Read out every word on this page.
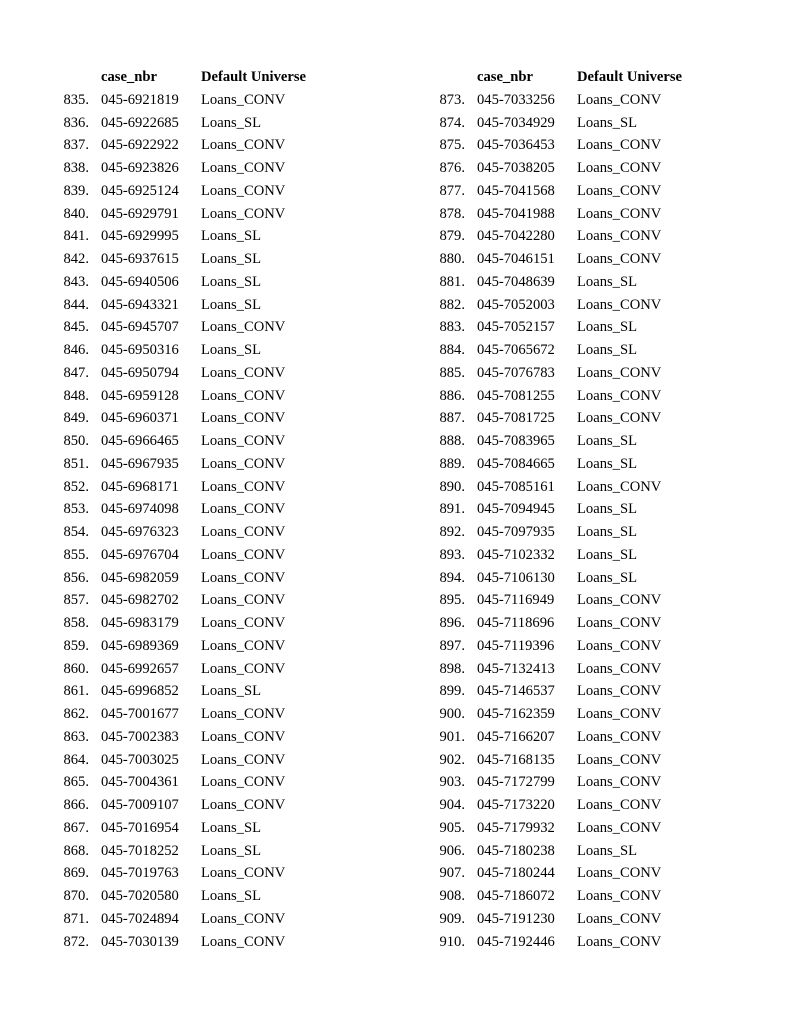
	case_nbr	Default Universe
835.	045-6921819	Loans_CONV
836.	045-6922685	Loans_SL
837.	045-6922922	Loans_CONV
838.	045-6923826	Loans_CONV
839.	045-6925124	Loans_CONV
840.	045-6929791	Loans_CONV
841.	045-6929995	Loans_SL
842.	045-6937615	Loans_SL
843.	045-6940506	Loans_SL
844.	045-6943321	Loans_SL
845.	045-6945707	Loans_CONV
846.	045-6950316	Loans_SL
847.	045-6950794	Loans_CONV
848.	045-6959128	Loans_CONV
849.	045-6960371	Loans_CONV
850.	045-6966465	Loans_CONV
851.	045-6967935	Loans_CONV
852.	045-6968171	Loans_CONV
853.	045-6974098	Loans_CONV
854.	045-6976323	Loans_CONV
855.	045-6976704	Loans_CONV
856.	045-6982059	Loans_CONV
857.	045-6982702	Loans_CONV
858.	045-6983179	Loans_CONV
859.	045-6989369	Loans_CONV
860.	045-6992657	Loans_CONV
861.	045-6996852	Loans_SL
862.	045-7001677	Loans_CONV
863.	045-7002383	Loans_CONV
864.	045-7003025	Loans_CONV
865.	045-7004361	Loans_CONV
866.	045-7009107	Loans_CONV
867.	045-7016954	Loans_SL
868.	045-7018252	Loans_SL
869.	045-7019763	Loans_CONV
870.	045-7020580	Loans_SL
871.	045-7024894	Loans_CONV
872.	045-7030139	Loans_CONV
	case_nbr	Default Universe
873.	045-7033256	Loans_CONV
874.	045-7034929	Loans_SL
875.	045-7036453	Loans_CONV
876.	045-7038205	Loans_CONV
877.	045-7041568	Loans_CONV
878.	045-7041988	Loans_CONV
879.	045-7042280	Loans_CONV
880.	045-7046151	Loans_CONV
881.	045-7048639	Loans_SL
882.	045-7052003	Loans_CONV
883.	045-7052157	Loans_SL
884.	045-7065672	Loans_SL
885.	045-7076783	Loans_CONV
886.	045-7081255	Loans_CONV
887.	045-7081725	Loans_CONV
888.	045-7083965	Loans_SL
889.	045-7084665	Loans_SL
890.	045-7085161	Loans_CONV
891.	045-7094945	Loans_SL
892.	045-7097935	Loans_SL
893.	045-7102332	Loans_SL
894.	045-7106130	Loans_SL
895.	045-7116949	Loans_CONV
896.	045-7118696	Loans_CONV
897.	045-7119396	Loans_CONV
898.	045-7132413	Loans_CONV
899.	045-7146537	Loans_CONV
900.	045-7162359	Loans_CONV
901.	045-7166207	Loans_CONV
902.	045-7168135	Loans_CONV
903.	045-7172799	Loans_CONV
904.	045-7173220	Loans_CONV
905.	045-7179932	Loans_CONV
906.	045-7180238	Loans_SL
907.	045-7180244	Loans_CONV
908.	045-7186072	Loans_CONV
909.	045-7191230	Loans_CONV
910.	045-7192446	Loans_CONV
